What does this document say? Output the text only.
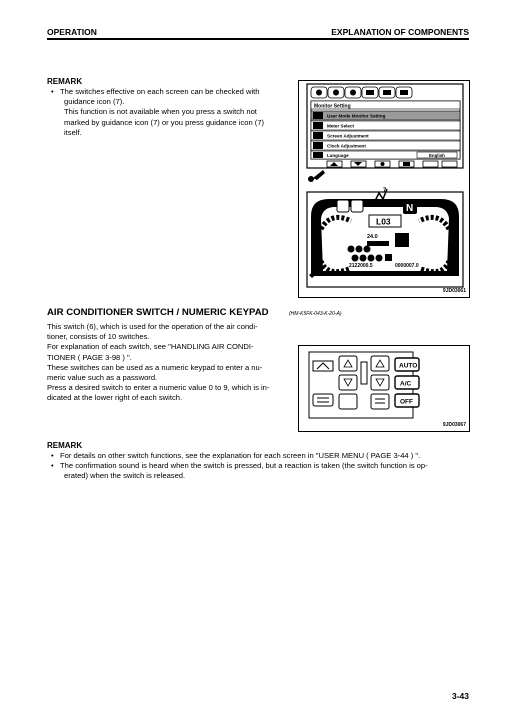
OPERATION	EXPLANATION OF COMPONENTS
REMARK
• The switches effective on each screen can be checked with
guidance icon (7).
This function is not available when you press a switch not
marked by guidance icon (7) or you press guidance icon (7)
itself.
Monitor Setting
User Mode Monitor Setting
Meter Select
Screen Adjustment
Clock Adjustment
Language	English
N
7
L03
24.0
2122000.5	0000007.0
9JD03061
AIR CONDITIONER SWITCH / NUMERIC KEYPAD	(HM-K5FK-043-K-20-A)
This switch (6), which is used for the operation of the air condi-
tioner, consists of 10 switches.
For explanation of each switch, see "HANDLING AIR CONDI-
TIONER ( PAGE 3-98 ) ".
These switches can be used as a numeric keypad to enter a nu-
meric value such as a password.
Press a desired switch to enter a numeric value 0 to 9, which is in-
dicated at the lower right of each switch.
AUTO
A/C
OFF
9JD03067
REMARK
• For details on other switch functions, see the explanation for each screen in "USER MENU ( PAGE 3-44 ) ".
• The confirmation sound is heard when the switch is pressed, but a reaction is taken (the switch function is op-
erated) when the switch is released.
3-43
